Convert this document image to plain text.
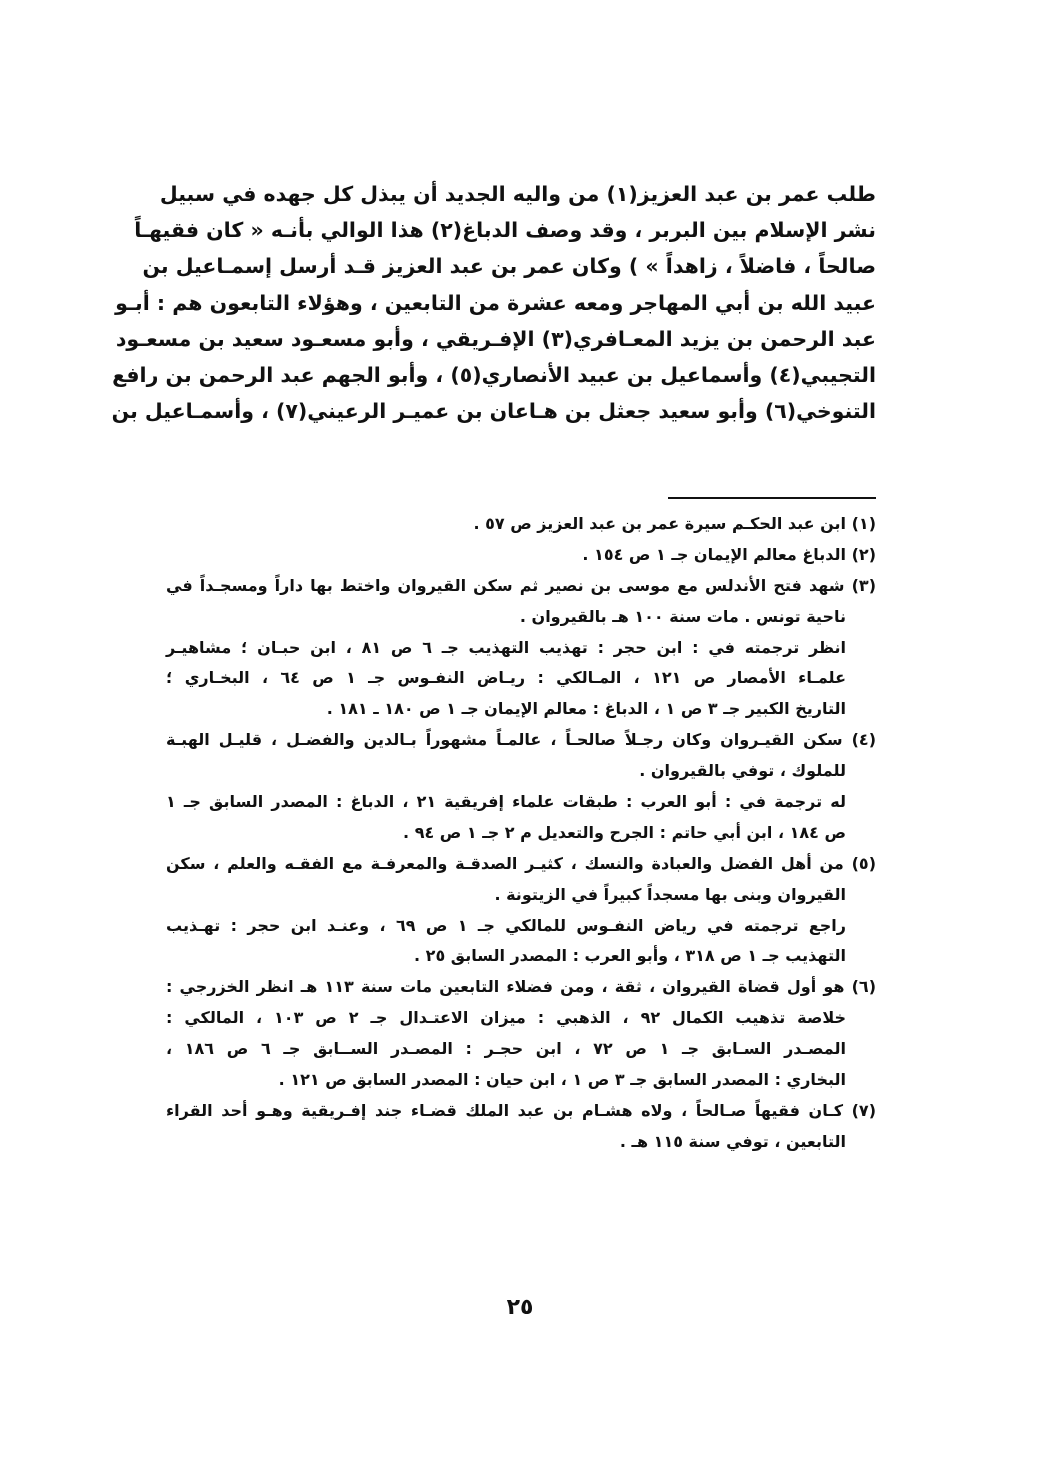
طلب عمر بن عبد العزيز(١) من واليه الجديد أن يبذل كل جهده في سبيل
نشر الإسلام بين البربر ، وقد وصف الدباغ(٢) هذا الوالي بأنـه « كان فقيهـاً
صالحاً ، فاضلاً ، زاهداً » ) وكان عمر بن عبد العزيز قـد أرسل إسمـاعيل بن
عبيد الله بن أبي المهاجر ومعه عشرة من التابعين ، وهؤلاء التابعون هم : أبـو
عبد الرحمن بن يزيد المعـافري(٣) الإفـريقي ، وأبو مسعـود سعيد بن مسعـود
التجيبي(٤) وأسماعيل بن عبيد الأنصاري(٥) ، وأبو الجهم عبد الرحمن بن رافع
التنوخي(٦) وأبو سعيد جعثل بن هـاعان بن عميـر الرعيني(٧) ، وأسمـاعيل بن
(١) ابن عبد الحكـم سيرة عمر بن عبد العزيز ص ٥٧ .
(٢) الدباغ معالم الإيمان جـ ١ ص ١٥٤ .
(٣) شهد فتح الأندلس مع موسى بن نصير ثم سكن القيروان واختط بها داراً ومسجـداً في
ناحية تونس . مات سنة ١٠٠ هـ بالقيروان .
انظر ترجمته في : ابن حجر : تهذيب التهذيب جـ ٦ ص ٨١ ، ابن حبـان ؛ مشاهيـر
علمـاء الأمصار ص ١٢١ ، المـالكي : ريـاض النفـوس جـ ١ ص ٦٤ ، البخـاري ؛
التاريخ الكبير جـ ٣ ص ١ ، الدباغ : معالم الإيمان جـ ١ ص ١٨٠ ـ ١٨١ .
(٤) سكن القيـروان وكان رجـلاً صالحـاً ، عالمـاً مشهوراً بـالدين والفضـل ، قليـل الهبـة
للملوك ، توفي بالقيروان .
له ترجمة في : أبو العرب : طبقات علماء إفريقية ٢١ ، الدباغ : المصدر السابق جـ ١
ص ١٨٤ ، ابن أبي حاتم : الجرح والتعديل م ٢ جـ ١ ص ٩٤ .
(٥) من أهل الفضل والعبادة والنسك ، كثيـر الصدقـة والمعرفـة مع الفقـه والعلم ، سكن
القيروان وبنى بها مسجداً كبيراً في الزيتونة .
راجع ترجمته في رياض النفـوس للمالكي جـ ١ ص ٦٩ ، وعنـد ابن حجر : تهـذيب
التهذيب جـ ١ ص ٣١٨ ، وأبو العرب : المصدر السابق ٢٥ .
(٦) هو أول قضاة القيروان ، ثقة ، ومن فضلاء التابعين مات سنة ١١٣ هـ انظر الخزرجي :
خلاصة تذهيب الكمال ٩٢ ، الذهبي : ميزان الاعتـدال جـ ٢ ص ١٠٣ ، المالكي :
المصـدر السـابق جـ ١ ص ٧٢ ، ابن حجـر : المصـدر الســابق جـ ٦ ص ١٨٦ ،
البخاري : المصدر السابق جـ ٣ ص ١ ، ابن حيان : المصدر السابق ص ١٢١ .
(٧) كـان فقيهاً صـالحاً ، ولاه هشـام بن عبد الملك قضـاء جند إفـريقية وهـو أحد القراء
التابعين ، توفي سنة ١١٥ هـ .
٢٥
